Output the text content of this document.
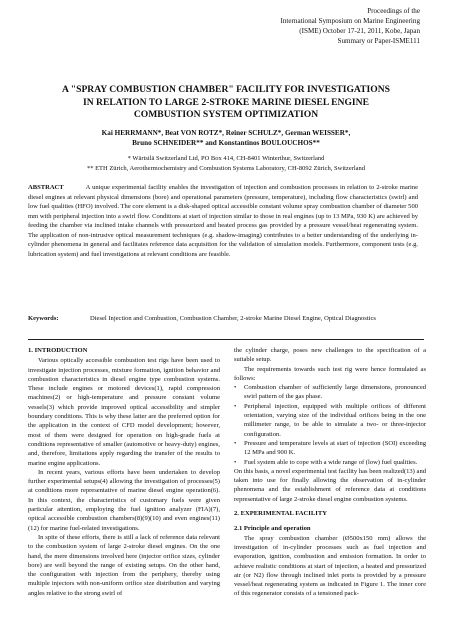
Proceedings of the
International Symposium on Marine Engineering
(ISME) October 17-21, 2011, Kobe, Japan
Summary or Paper-ISME111
A "SPRAY COMBUSTION CHAMBER" FACILITY FOR INVESTIGATIONS
IN RELATION TO LARGE 2-STROKE MARINE DIESEL ENGINE
COMBUSTION SYSTEM OPTIMIZATION
Kai HERRMANN*, Beat VON ROTZ*, Reiner SCHULZ*, German WEISSER*,
Bruno SCHNEIDER** and Konstantinos BOULOUCHOS**
* Wärtsilä Switzerland Ltd, PO Box 414, CH-8401 Winterthur, Switzerland
** ETH Zürich, Aerothermochemistry and Combustion Systems Laboratory, CH-8092 Zürich, Switzerland
ABSTRACT	A unique experimental facility enables the investigation of injection and combustion processes in relation to 2-stroke marine diesel engines at relevant physical dimensions (bore) and operational parameters (pressure, temperature), including flow characteristics (swirl) and low fuel qualities (HFO) involved. The core element is a disk-shaped optical accessible constant volume spray combustion chamber of diameter 500 mm with peripheral injection into a swirl flow. Conditions at start of injection similar to those in real engines (up to 13 MPa, 930 K) are achieved by feeding the chamber via inclined intake channels with pressurized and heated process gas provided by a pressure vessel/heat regenerating system. The application of non-intrusive optical measurement techniques (e.g. shadow-imaging) contributes to a better understanding of the underlying in-cylinder phenomena in general and facilitates reference data acquisition for the validation of simulation models. Furthermore, component tests (e.g. lubrication system) and fuel investigations at relevant conditions are feasible.
Keywords:	Diesel Injection and Combustion, Combustion Chamber, 2-stroke Marine Diesel Engine, Optical Diagnostics
1. INTRODUCTION

Various optically accessible combustion test rigs have been used to investigate injection processes, mixture formation, ignition behavior and combustion characteristics in diesel engine type combustion systems. These include engines or motored devices(1), rapid compression machines(2) or high-temperature and pressure constant volume vessels(3) which provide improved optical accessibility and simpler boundary conditions. This is why these latter are the preferred option for the application in the context of CFD model development; however, most of them were designed for operation on high-grade fuels at conditions representative of smaller (automotive or heavy-duty) engines, and, therefore, limitations apply regarding the transfer of the results to marine engine applications.

In recent years, various efforts have been undertaken to develop further experimental setups(4) allowing the investigation of processes(5) at conditions more representative of marine diesel engine operation(6). In this context, the characteristics of customary fuels were given particular attention, employing the fuel ignition analyzer (FIA)(7), optical accessible combustion chambers(8)(9)(10) and even engines(11)(12) for marine fuel-related investigations.

In spite of these efforts, there is still a lack of reference data relevant to the combustion system of large 2-stroke diesel engines. On the one hand, the mere dimensions involved here (injector orifice sizes, cylinder bore) are well beyond the range of existing setups. On the other hand, the configuration with injection from the periphery, thereby using multiple injectors with non-uniform orifice size distribution and varying angles relative to the strong swirl of

the cylinder charge, poses new challenges to the specification of a suitable setup.

The requirements towards such test rig were hence formulated as follows:

• Combustion chamber of sufficiently large dimensions, pronounced swirl pattern of the gas phase.
• Peripheral injection, equipped with multiple orifices of different orientation, varying size of the individual orifices being in the one millimeter range, to be able to simulate a two- or three-injector configuration.
• Pressure and temperature levels at start of injection (SOI) exceeding 12 MPa and 900 K.
• Fuel system able to cope with a wide range of (low) fuel qualities.

On this basis, a novel experimental test facility has been realized(13) and taken into use for finally allowing the observation of in-cylinder phenomena and the establishment of reference data at conditions representative of large 2-stroke diesel engine combustion systems.

2. EXPERIMENTAL FACILITY
2.1 Principle and operation

The spray combustion chamber (Ø500x150 mm) allows the investigation of in-cylinder processes such as fuel injection and evaporation, ignition, combustion and emission formation. In order to achieve realistic conditions at start of injection, a heated and pressurized air (or N2) flow through inclined inlet ports is provided by a pressure vessel/heat regenerating system as indicated in Figure 1. The inner core of this regenerator consists of a tensioned pack-
